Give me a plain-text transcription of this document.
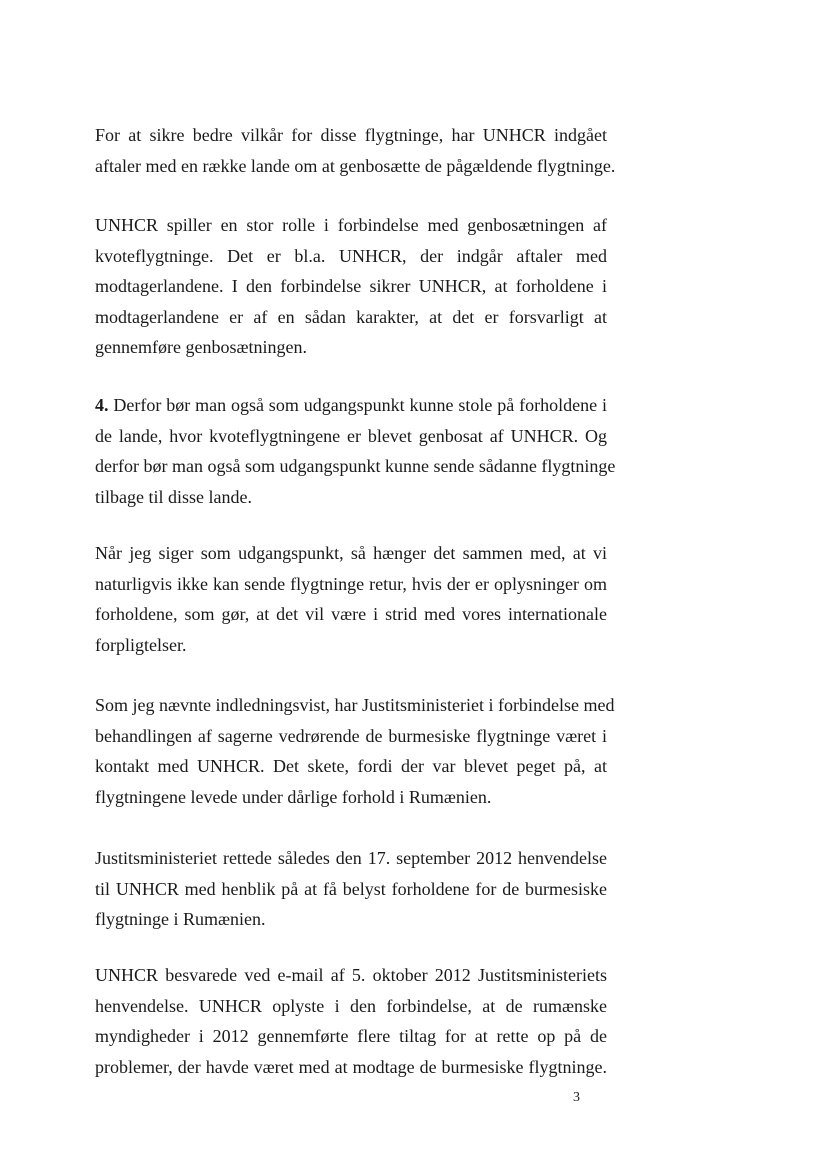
For at sikre bedre vilkår for disse flygtninge, har UNHCR indgået
aftaler med en række lande om at genbosætte de pågældende flygtninge.
UNHCR spiller en stor rolle i forbindelse med genbosætningen af
kvoteflygtninge. Det er bl.a. UNHCR, der indgår aftaler med
modtagerlandene. I den forbindelse sikrer UNHCR, at forholdene i
modtagerlandene er af en sådan karakter, at det er forsvarligt at
gennemføre genbosætningen.
4. Derfor bør man også som udgangspunkt kunne stole på forholdene i
de lande, hvor kvoteflygtningene er blevet genbosat af UNHCR. Og
derfor bør man også som udgangspunkt kunne sende sådanne flygtninge
tilbage til disse lande.
Når jeg siger som udgangspunkt, så hænger det sammen med, at vi
naturligvis ikke kan sende flygtninge retur, hvis der er oplysninger om
forholdene, som gør, at det vil være i strid med vores internationale
forpligtelser.
Som jeg nævnte indledningsvist, har Justitsministeriet i forbindelse med
behandlingen af sagerne vedrørende de burmesiske flygtninge været i
kontakt med UNHCR. Det skete, fordi der var blevet peget på, at
flygtningene levede under dårlige forhold i Rumænien.
Justitsministeriet rettede således den 17. september 2012 henvendelse
til UNHCR med henblik på at få belyst forholdene for de burmesiske
flygtninge i Rumænien.
UNHCR besvarede ved e-mail af 5. oktober 2012 Justitsministeriets
henvendelse. UNHCR oplyste i den forbindelse, at de rumænske
myndigheder i 2012 gennemførte flere tiltag for at rette op på de
problemer, der havde været med at modtage de burmesiske flygtninge.
3
